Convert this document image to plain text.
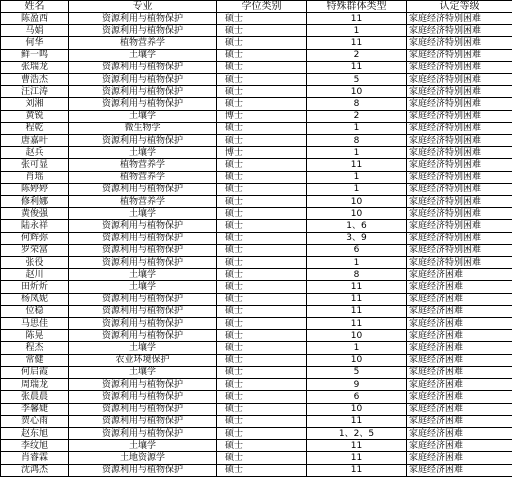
姓名	专业	学位类别	特殊群体类型	认定等级
陈盈西	资源利用与植物保护	硕士	11	家庭经济特别困难
马娟	资源利用与植物保护	硕士	1	家庭经济特别困难
何华	植物营养学	硕士	11	家庭经济特别困难
鲜一鸣	土壤学	硕士	2	家庭经济特别困难
张瑞龙	资源利用与植物保护	硕士	11	家庭经济特别困难
曹浩杰	资源利用与植物保护	硕士	5	家庭经济特别困难
汪江涛	资源利用与植物保护	硕士	10	家庭经济特别困难
刘湘	资源利用与植物保护	硕士	8	家庭经济特别困难
黄锐	土壤学	博士	2	家庭经济特别困难
程乾	微生物学	硕士	1	家庭经济特别困难
唐嘉叶	资源利用与植物保护	硕士	8	家庭经济特别困难
赵兵	土壤学	博士	1	家庭经济特别困难
张可显	植物营养学	硕士	11	家庭经济特别困难
肖瑶	植物营养学	硕士	1	家庭经济特别困难
陈婷婷	资源利用与植物保护	硕士	1	家庭经济特别困难
修利娜	植物营养学	硕士	10	家庭经济特别困难
黄俊强	土壤学	硕士	10	家庭经济特别困难
陆永祥	资源利用与植物保护	硕士	1、6	家庭经济特别困难
何辉弥	资源利用与植物保护	硕士	3、9	家庭经济特别困难
罗荣富	资源利用与植物保护	硕士	6	家庭经济特别困难
张役	资源利用与植物保护	硕士	1	家庭经济特别困难
赵川	土壤学	硕士	8	家庭经济困难
田炘炘	土壤学	硕士	11	家庭经济困难
杨凤妮	资源利用与植物保护	硕士	11	家庭经济困难
位稳	资源利用与植物保护	硕士	11	家庭经济困难
马思佳	资源利用与植物保护	硕士	11	家庭经济困难
陈晃	资源利用与植物保护	硕士	10	家庭经济困难
程杰	土壤学	硕士	1	家庭经济困难
常健	农业环境保护	硕士	10	家庭经济困难
何启霞	土壤学	硕士	5	家庭经济困难
周瑞龙	资源利用与植物保护	硕士	9	家庭经济困难
张晨晨	资源利用与植物保护	硕士	6	家庭经济困难
李馨婕	资源利用与植物保护	硕士	10	家庭经济困难
贺心雨	资源利用与植物保护	硕士	11	家庭经济困难
赵东旭	资源利用与植物保护	硕士	1、2、5	家庭经济困难
李纹旭	土壤学	硕士	11	家庭经济困难
肖睿霖	土地资源学	硕士	11	家庭经济困难
沈鸿杰	资源利用与植物保护	硕士	11	家庭经济困难
